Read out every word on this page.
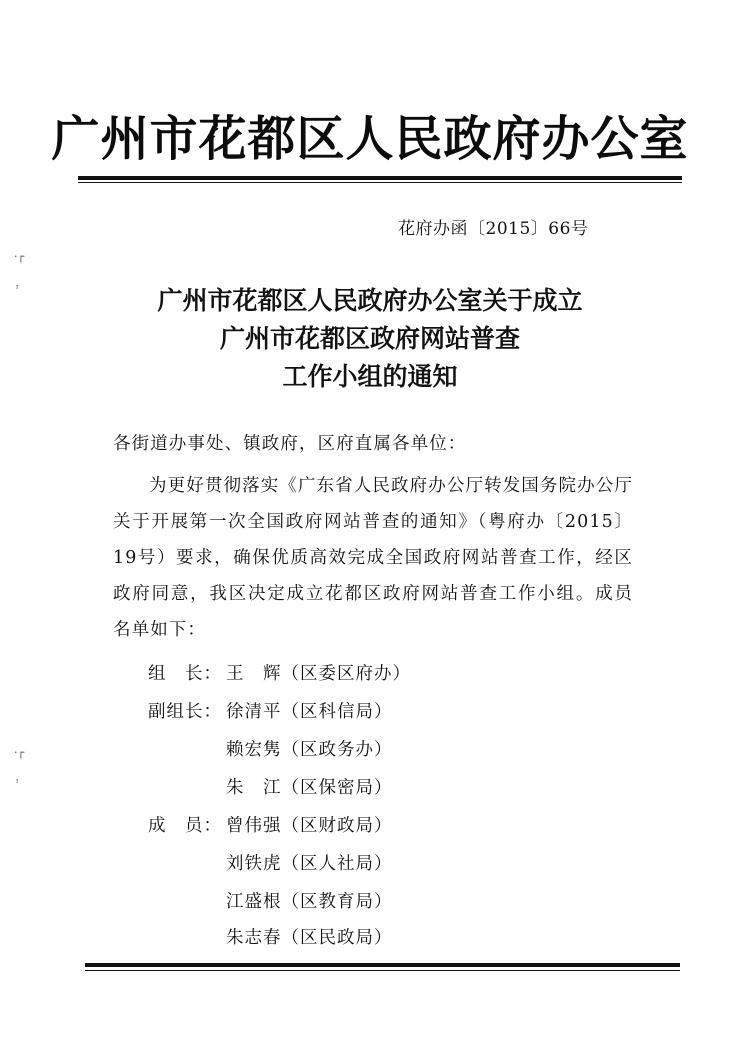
·┌
ᶦ
·┌
ᶦ
广州市花都区人民政府办公室
花府办函〔2015〕66号
广州市花都区人民政府办公室关于成立
广州市花都区政府网站普查
工作小组的通知
各街道办事处、镇政府，区府直属各单位：
为更好贯彻落实《广东省人民政府办公厅转发国务院办公厅关于开展第一次全国政府网站普查的通知》（粤府办〔2015〕19号）要求，确保优质高效完成全国政府网站普查工作，经区政府同意，我区决定成立花都区政府网站普查工作小组。成员名单如下：
组　长： 王　辉（区委区府办）
副组长： 徐清平（区科信局）
赖宏隽（区政务办）
朱　江（区保密局）
成　员： 曾伟强（区财政局）
刘铁虎（区人社局）
江盛根（区教育局）
朱志春（区民政局）
